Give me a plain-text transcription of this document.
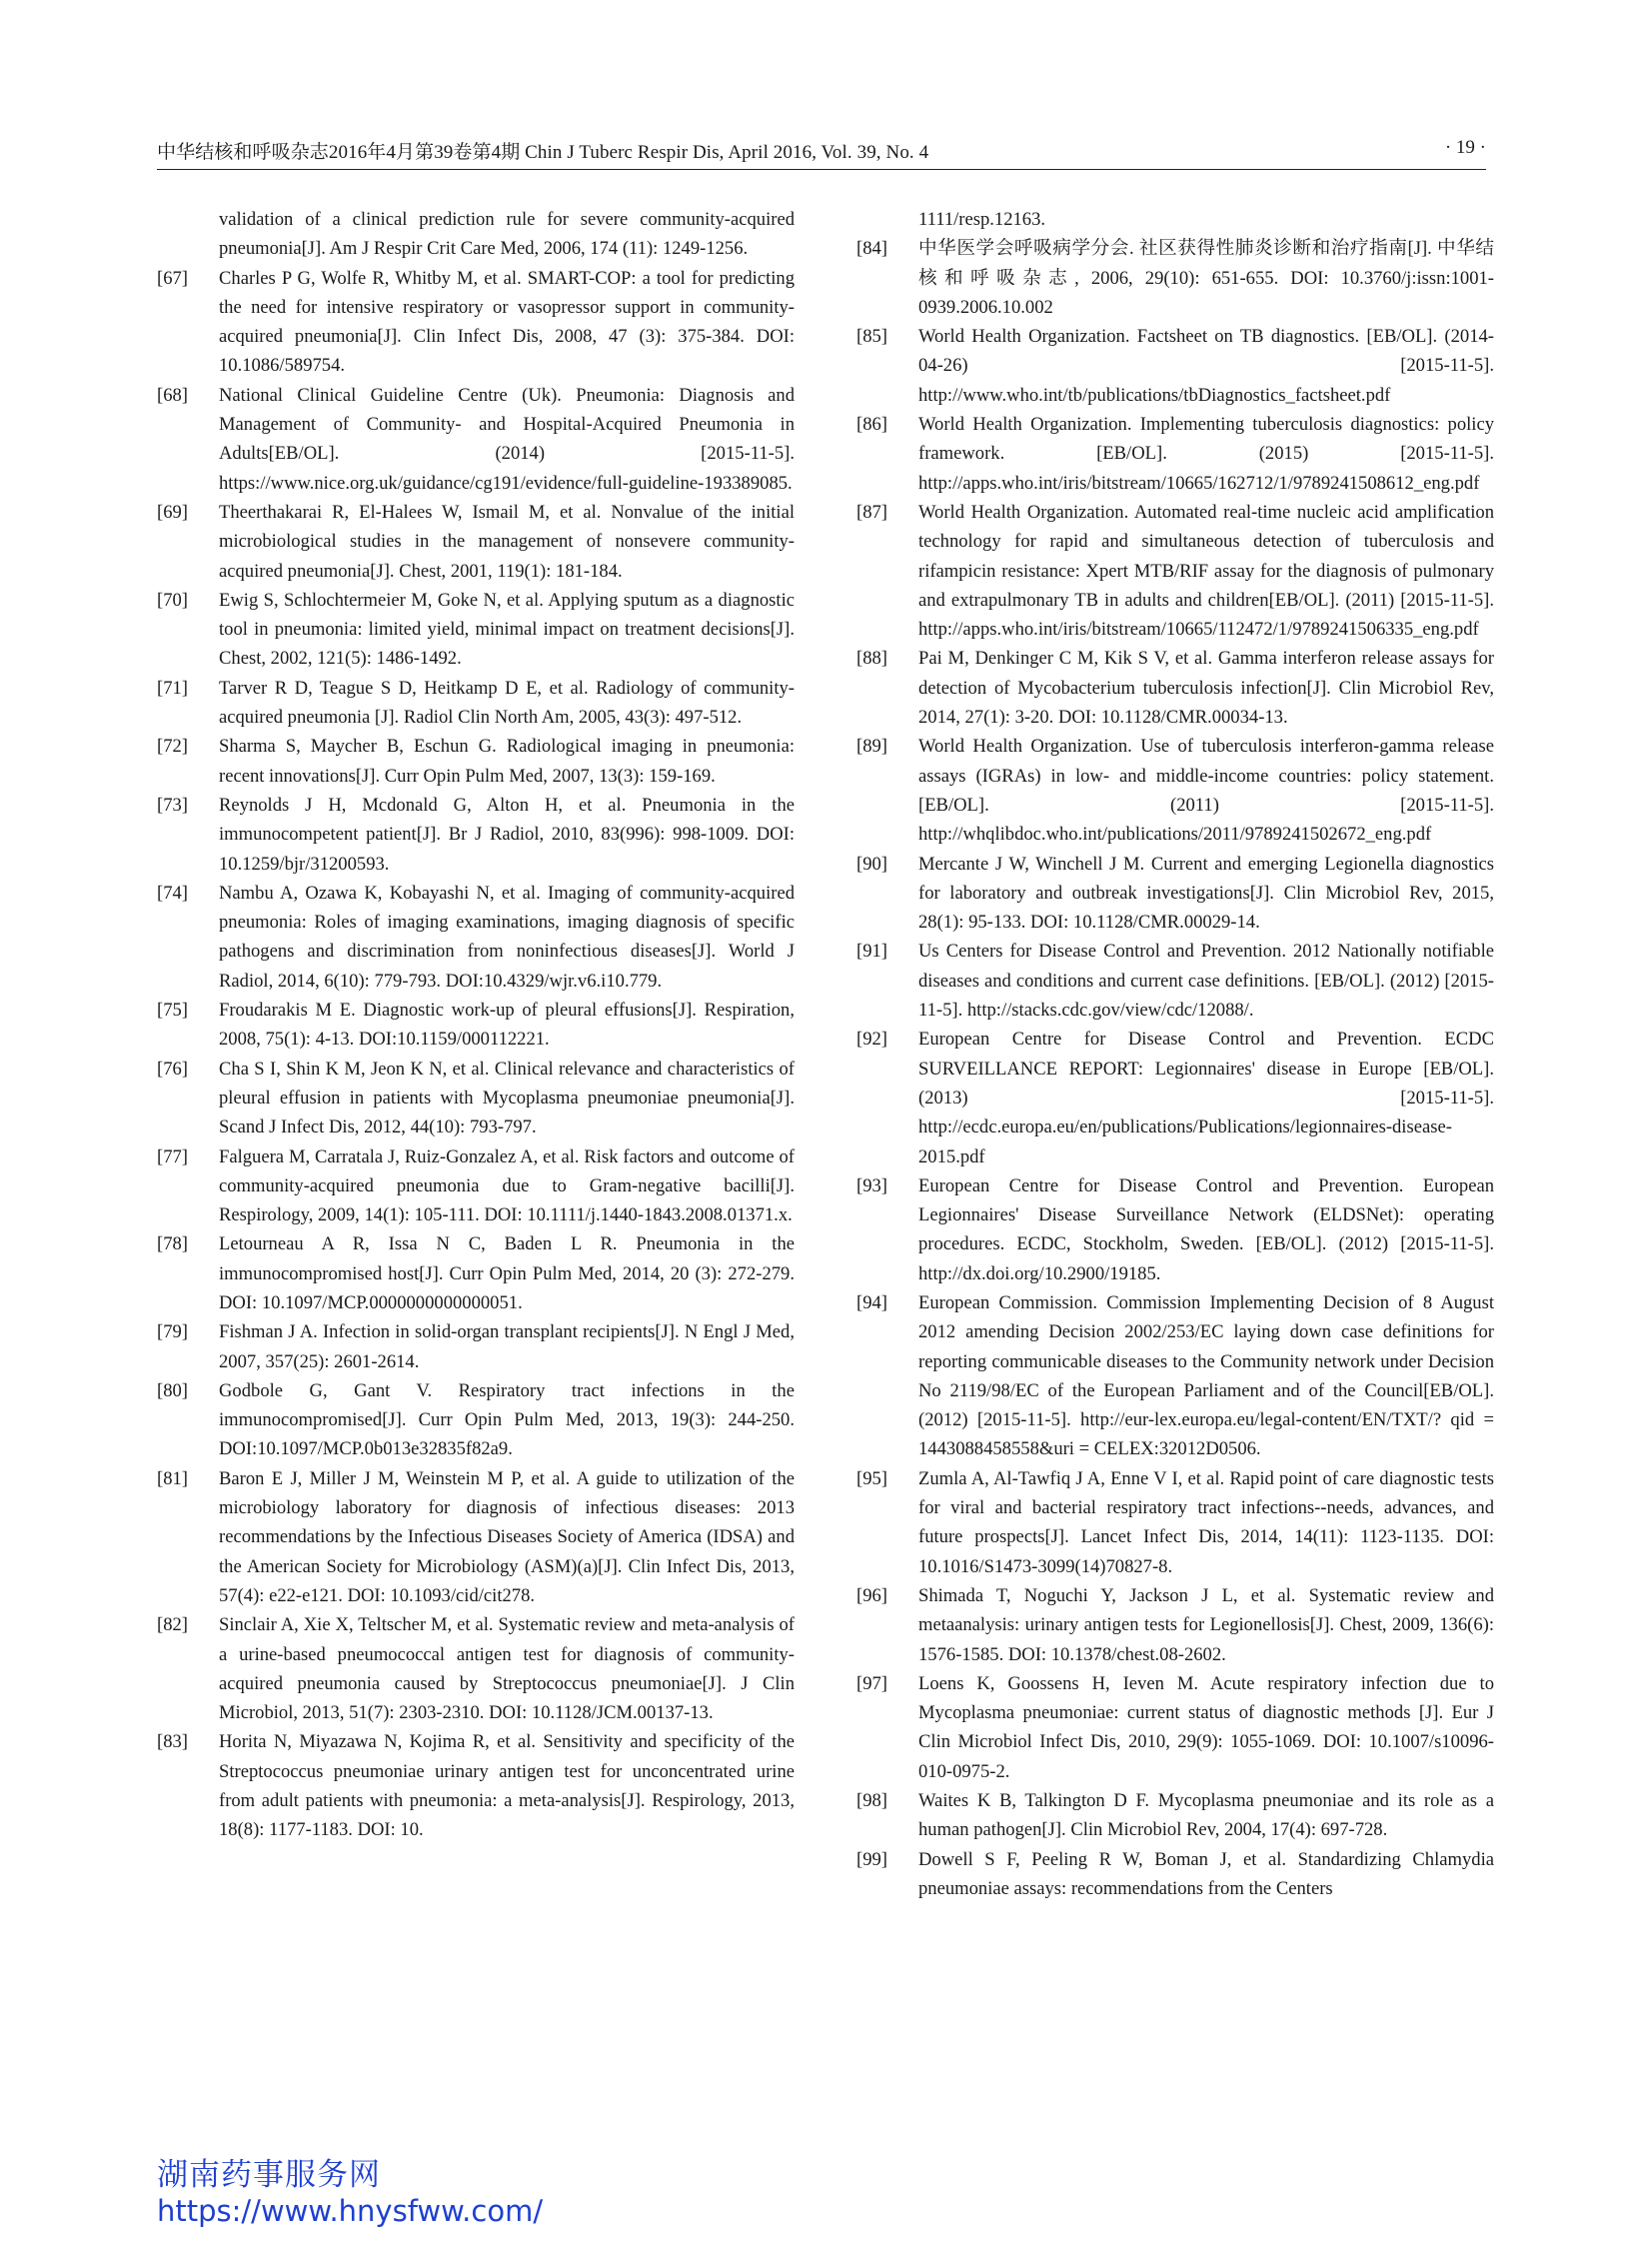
中华结核和呼吸杂志2016年4月第39卷第4期 Chin J Tuberc Respir Dis, April 2016, Vol. 39, No. 4	· 19 ·

validation of a clinical prediction rule for severe community-acquired pneumonia[J]. Am J Respir Crit Care Med, 2006, 174 (11): 1249-1256.

[67]	Charles P G, Wolfe R, Whitby M, et al. SMART-COP: a tool for predicting the need for intensive respiratory or vasopressor support in community-acquired pneumonia[J]. Clin Infect Dis, 2008, 47 (3): 375-384. DOI: 10.1086/589754.

[68]	National Clinical Guideline Centre (Uk). Pneumonia: Diagnosis and Management of Community- and Hospital-Acquired Pneumonia in Adults[EB/OL]. (2014) [2015-11-5]. https://www.nice.org.uk/guidance/cg191/evidence/full-guideline-193389085.

[69]	Theerthakarai R, El-Halees W, Ismail M, et al. Nonvalue of the initial microbiological studies in the management of nonsevere community-acquired pneumonia[J]. Chest, 2001, 119(1): 181-184.

[70]	Ewig S, Schlochtermeier M, Goke N, et al. Applying sputum as a diagnostic tool in pneumonia: limited yield, minimal impact on treatment decisions[J]. Chest, 2002, 121(5): 1486-1492.

[71]	Tarver R D, Teague S D, Heitkamp D E, et al. Radiology of community-acquired pneumonia [J]. Radiol Clin North Am, 2005, 43(3): 497-512.

[72]	Sharma S, Maycher B, Eschun G. Radiological imaging in pneumonia: recent innovations[J]. Curr Opin Pulm Med, 2007, 13(3): 159-169.

[73]	Reynolds J H, Mcdonald G, Alton H, et al. Pneumonia in the immunocompetent patient[J]. Br J Radiol, 2010, 83(996): 998-1009. DOI: 10.1259/bjr/31200593.

[74]	Nambu A, Ozawa K, Kobayashi N, et al. Imaging of community-acquired pneumonia: Roles of imaging examinations, imaging diagnosis of specific pathogens and discrimination from noninfectious diseases[J]. World J Radiol, 2014, 6(10): 779-793. DOI:10.4329/wjr.v6.i10.779.

[75]	Froudarakis M E. Diagnostic work-up of pleural effusions[J]. Respiration, 2008, 75(1): 4-13. DOI:10.1159/000112221.

[76]	Cha S I, Shin K M, Jeon K N, et al. Clinical relevance and characteristics of pleural effusion in patients with Mycoplasma pneumoniae pneumonia[J]. Scand J Infect Dis, 2012, 44(10): 793-797.

[77]	Falguera M, Carratala J, Ruiz-Gonzalez A, et al. Risk factors and outcome of community-acquired pneumonia due to Gram-negative bacilli[J]. Respirology, 2009, 14(1): 105-111. DOI: 10.1111/j.1440-1843.2008.01371.x.

[78]	Letourneau A R, Issa N C, Baden L R. Pneumonia in the immunocompromised host[J]. Curr Opin Pulm Med, 2014, 20 (3): 272-279. DOI: 10.1097/MCP.0000000000000051.

[79]	Fishman J A. Infection in solid-organ transplant recipients[J]. N Engl J Med, 2007, 357(25): 2601-2614.

[80]	Godbole G, Gant V. Respiratory tract infections in the immunocompromised[J]. Curr Opin Pulm Med, 2013, 19(3): 244-250. DOI:10.1097/MCP.0b013e32835f82a9.

[81]	Baron E J, Miller J M, Weinstein M P, et al. A guide to utilization of the microbiology laboratory for diagnosis of infectious diseases: 2013 recommendations by the Infectious Diseases Society of America (IDSA) and the American Society for Microbiology (ASM)(a)[J]. Clin Infect Dis, 2013, 57(4): e22-e121. DOI: 10.1093/cid/cit278.

[82]	Sinclair A, Xie X, Teltscher M, et al. Systematic review and meta-analysis of a urine-based pneumococcal antigen test for diagnosis of community-acquired pneumonia caused by Streptococcus pneumoniae[J]. J Clin Microbiol, 2013, 51(7): 2303-2310. DOI: 10.1128/JCM.00137-13.

[83]	Horita N, Miyazawa N, Kojima R, et al. Sensitivity and specificity of the Streptococcus pneumoniae urinary antigen test for unconcentrated urine from adult patients with pneumonia: a meta-analysis[J]. Respirology, 2013, 18(8): 1177-1183. DOI: 10.

1111/resp.12163.

[84]	中华医学会呼吸病学分会. 社区获得性肺炎诊断和治疗指南[J]. 中华结核和呼吸杂志, 2006, 29(10): 651-655. DOI: 10.3760/j:issn:1001-0939.2006.10.002

[85]	World Health Organization. Factsheet on TB diagnostics. [EB/OL]. (2014-04-26) [2015-11-5]. http://www.who.int/tb/publications/tbDiagnostics_factsheet.pdf

[86]	World Health Organization. Implementing tuberculosis diagnostics: policy framework. [EB/OL]. (2015) [2015-11-5]. http://apps.who.int/iris/bitstream/10665/162712/1/9789241508612_eng.pdf

[87]	World Health Organization. Automated real-time nucleic acid amplification technology for rapid and simultaneous detection of tuberculosis and rifampicin resistance: Xpert MTB/RIF assay for the diagnosis of pulmonary and extrapulmonary TB in adults and children[EB/OL]. (2011) [2015-11-5]. http://apps.who.int/iris/bitstream/10665/112472/1/9789241506335_eng.pdf

[88]	Pai M, Denkinger C M, Kik S V, et al. Gamma interferon release assays for detection of Mycobacterium tuberculosis infection[J]. Clin Microbiol Rev, 2014, 27(1): 3-20. DOI: 10.1128/CMR.00034-13.

[89]	World Health Organization. Use of tuberculosis interferon-gamma release assays (IGRAs) in low- and middle-income countries: policy statement. [EB/OL]. (2011) [2015-11-5]. http://whqlibdoc.who.int/publications/2011/9789241502672_eng.pdf

[90]	Mercante J W, Winchell J M. Current and emerging Legionella diagnostics for laboratory and outbreak investigations[J]. Clin Microbiol Rev, 2015, 28(1): 95-133. DOI: 10.1128/CMR.00029-14.

[91]	Us Centers for Disease Control and Prevention. 2012 Nationally notifiable diseases and conditions and current case definitions. [EB/OL]. (2012) [2015-11-5]. http://stacks.cdc.gov/view/cdc/12088/.

[92]	European Centre for Disease Control and Prevention. ECDC SURVEILLANCE REPORT: Legionnaires' disease in Europe [EB/OL]. (2013) [2015-11-5]. http://ecdc.europa.eu/en/publications/Publications/legionnaires-disease-2015.pdf

[93]	European Centre for Disease Control and Prevention. European Legionnaires' Disease Surveillance Network (ELDSNet): operating procedures. ECDC, Stockholm, Sweden. [EB/OL]. (2012) [2015-11-5]. http://dx.doi.org/10.2900/19185.

[94]	European Commission. Commission Implementing Decision of 8 August 2012 amending Decision 2002/253/EC laying down case definitions for reporting communicable diseases to the Community network under Decision No 2119/98/EC of the European Parliament and of the Council[EB/OL]. (2012) [2015-11-5]. http://eur-lex.europa.eu/legal-content/EN/TXT/? qid = 1443088458558&uri = CELEX:32012D0506.

[95]	Zumla A, Al-Tawfiq J A, Enne V I, et al. Rapid point of care diagnostic tests for viral and bacterial respiratory tract infections--needs, advances, and future prospects[J]. Lancet Infect Dis, 2014, 14(11): 1123-1135. DOI: 10.1016/S1473-3099(14)70827-8.

[96]	Shimada T, Noguchi Y, Jackson J L, et al. Systematic review and metaanalysis: urinary antigen tests for Legionellosis[J]. Chest, 2009, 136(6): 1576-1585. DOI: 10.1378/chest.08-2602.

[97]	Loens K, Goossens H, Ieven M. Acute respiratory infection due to Mycoplasma pneumoniae: current status of diagnostic methods [J]. Eur J Clin Microbiol Infect Dis, 2010, 29(9): 1055-1069. DOI: 10.1007/s10096-010-0975-2.

[98]	Waites K B, Talkington D F. Mycoplasma pneumoniae and its role as a human pathogen[J]. Clin Microbiol Rev, 2004, 17(4): 697-728.

[99]	Dowell S F, Peeling R W, Boman J, et al. Standardizing Chlamydia pneumoniae assays: recommendations from the Centers

湖南药事服务网
https://www.hnysfww.com/
